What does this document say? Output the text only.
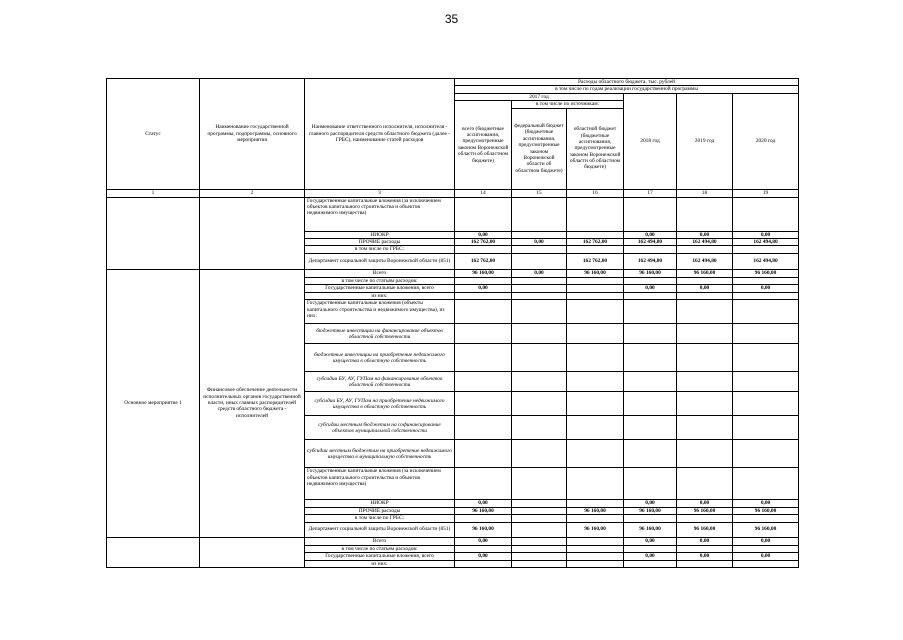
35
Статус	Наименование государственной программы, подпрограммы, основного мероприятия	Наименование ответственного исполнителя, исполнителя - главного распорядителя средств областного бюджета (далее - ГРБС), наименование статей расходов	Расходы областного бюджета, тыс. рублей					
			в том числе по годам реализации государственной программы					
			2017 год			2018 год	2019 год	2020 год
			всего (бюджетные ассигнования, предусмотренные законом Воронежской области об областном бюджете)	в том числе по источникам:				
				федеральный бюджет (бюджетные ассигнования, предусмотренные законом Воронежской области об областном бюджете)	областной бюджет (бюджетные ассигнования, предусмотренные законом Воронежской области об областном бюджете)			
1	2	3	14	15	16	17	18	19
		Государственные капитальные вложения (за исключением объектов капитального строительства и объектов недвижимого имущества)						
		НИОКР	0,00			0,00	0,00	0,00
		ПРОЧИЕ расходы	162 762,00	0,00	162 762,00	162 494,80	162 494,80	162 494,80
		в том числе по ГРБС:						
		Департамент социальной защиты Воронежской области (851)	162 762,00		162 762,00	162 494,80	162 494,80	162 494,80
Основное мероприятие 1	Финансовое обеспечение деятельности исполнительных органов государственной власти, иных главных распорядителей средств областного бюджета - исполнителей	Всего	96 160,00	0,00	96 160,00	96 160,00	96 160,00	96 160,00
		в том числе по статьям расходов:						
		Государственные капитальные вложения, всего	0,00			0,00	0,00	0,00
		из них:						
		Государственные капитальные вложения (объекты капитального строительства и недвижимого имущества), из них:						
		бюджетные инвестиции на финансирование объектов областной собственности						
		бюджетные инвестиции на приобретение недвижимого имущества в областную собственность						
		субсидии БУ, АУ, ГУПам на финансирование объектов областной собственности						
		субсидии БУ, АУ, ГУПам на приобретение недвижимого имущества в областную собственность						
		субсидии местным бюджетам на софинансирование объектов муниципальной собственности						
		субсидии местным бюджетам на приобретение недвижимого имущества в муниципальную собственность						
		Государственные капитальные вложения (за исключением объектов капитального строительства и объектов недвижимого имущества)						
		НИОКР	0,00			0,00	0,00	0,00
		ПРОЧИЕ расходы	96 160,00		96 160,00	96 160,00	96 160,00	96 160,00
		в том числе по ГРБС:						
		Департамент социальной защиты Воронежской области (851)	96 160,00		96 160,00	96 160,00	96 160,00	96 160,00
		Всего	0,00			0,00	0,00	0,00
		в том числе по статьям расходов:						
		Государственные капитальные вложения, всего	0,00			0,00	0,00	0,00
		из них:						
